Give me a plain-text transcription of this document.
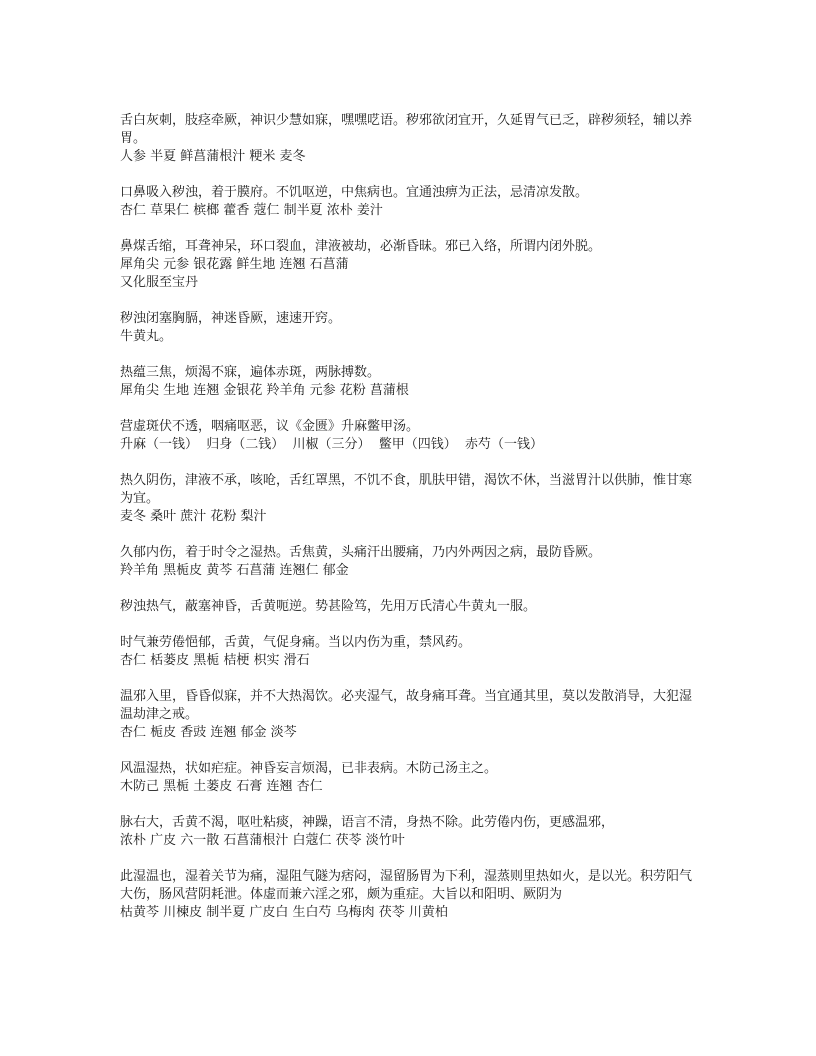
舌白灰刺，肢痉牵厥，神识少慧如寐，嘿嘿呓语。秽邪欲闭宜开，久延胃气已乏，辟秽须轻，辅以养胃。

人参 半夏 鲜菖蒲根汁 粳米 麦冬

口鼻吸入秽浊，着于膜府。不饥呕逆，中焦病也。宜通浊痹为正法，忌清凉发散。

杏仁 草果仁 槟榔 藿香 蔻仁 制半夏 浓朴 姜汁

鼻煤舌缩，耳聋神呆，环口裂血，津液被劫，必渐昏昧。邪已入络，所谓内闭外脱。

犀角尖 元参 银花露 鲜生地 连翘 石菖蒲

又化服至宝丹

秽浊闭塞胸膈，神迷昏厥，速速开窍。

牛黄丸。

热蕴三焦，烦渴不寐，遍体赤斑，两脉搏数。

犀角尖 生地 连翘 金银花 羚羊角 元参 花粉 菖蒲根

营虚斑伏不透，咽痛呕恶，议《金匮》升麻鳖甲汤。

升麻（一钱）  归身（二钱）  川椒（三分）  鳖甲（四钱）  赤芍（一钱）

热久阴伤，津液不承，咳呛，舌红罩黑，不饥不食，肌肤甲错，渴饮不休，当滋胃汁以供肺，惟甘寒为宜。

麦冬 桑叶 蔗汁 花粉 梨汁

久郁内伤，着于时令之湿热。舌焦黄，头痛汗出腰痛，乃内外两因之病，最防昏厥。

羚羊角 黑栀皮 黄芩 石菖蒲 连翘仁 郁金

秽浊热气，蔽塞神昏，舌黄呃逆。势甚险笃，先用万氏清心牛黄丸一服。

时气兼劳倦悒郁，舌黄，气促身痛。当以内伤为重，禁风药。

杏仁 栝蒌皮 黑栀 桔梗 枳实 滑石

温邪入里，昏昏似寐，并不大热渴饮。必夹湿气，故身痛耳聋。当宜通其里，莫以发散消导，大犯湿温劫津之戒。

杏仁 栀皮 香豉 连翘 郁金 淡芩

风温湿热，状如疟症。神昏妄言烦渴，已非表病。木防己汤主之。

木防己 黑栀 土蒌皮 石膏 连翘 杏仁

脉右大，舌黄不渴，呕吐粘痰，神躁，语言不清，身热不除。此劳倦内伤，更感温邪，

浓朴 广皮 六一散 石菖蒲根汁 白蔻仁 茯苓 淡竹叶

此湿温也，湿着关节为痛，湿阻气隧为痞闷，湿留肠胃为下利，湿蒸则里热如火，是以光。积劳阳气大伤，肠风营阴耗泄。体虚而兼六淫之邪，颇为重症。大旨以和阳明、厥阴为

枯黄芩 川楝皮 制半夏 广皮白 生白芍 乌梅肉 茯苓 川黄柏
